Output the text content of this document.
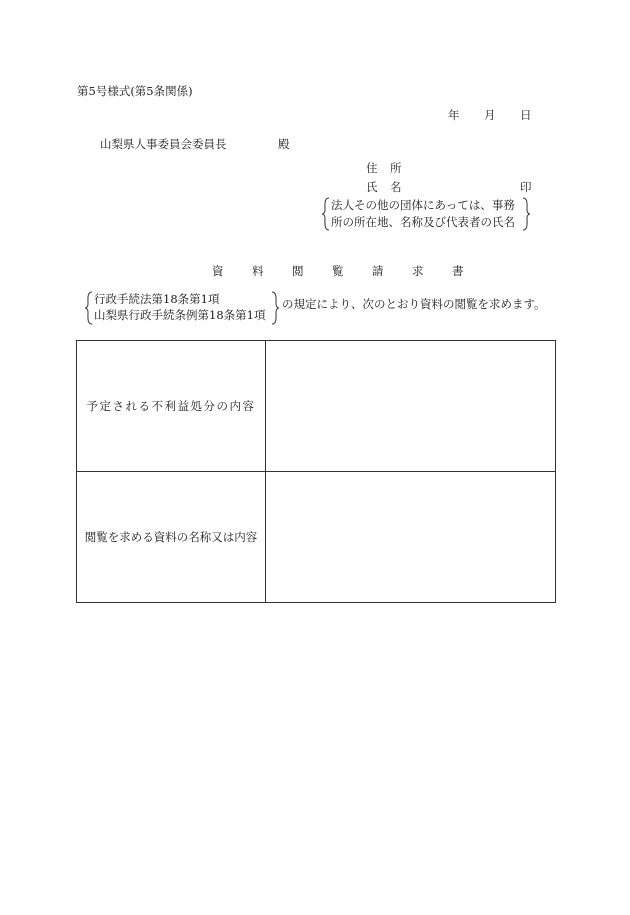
第5号様式(第5条関係)
年 月 日
山梨県人事委員会委員長	殿
住 所
氏 名	印
法人その他の団体にあっては、事務
所の所在地、名称及び代表者の氏名
資 料 閲 覧 請 求 書
行政手続法第18条第1項
山梨県行政手続条例第18条第1項
の規定により、次のとおり資料の閲覧を求めます。
予定される不利益処分の内容	
閲覧を求める資料の名称又は内容	
